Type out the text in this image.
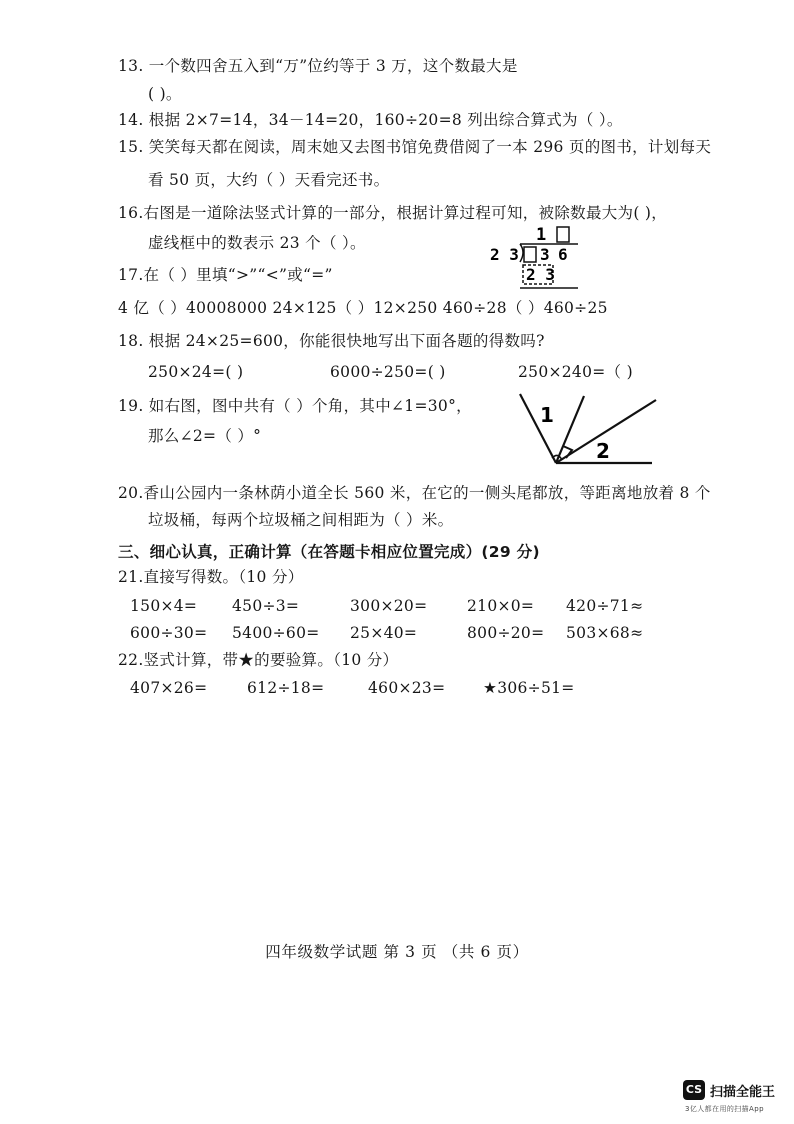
13. 一个数四舍五入到“万”位约等于 3 万，这个数最大是
( )。
14. 根据 2×7=14，34－14=20，160÷20=8 列出综合算式为（ ）。
15. 笑笑每天都在阅读，周末她又去图书馆免费借阅了一本 296 页的图书，计划每天
看 50 页，大约（ ）天看完还书。
16.右图是一道除法竖式计算的一部分，根据计算过程可知，被除数最大为( )，
虚线框中的数表示 23 个（ ）。	1
2 3 3 6
2 3
17.在（ ）里填“>”“<”或“=”
4 亿（ ）40008000 24×125（ ）12×250 460÷28（ ）460÷25
18. 根据 24×25=600，你能很快地写出下面各题的得数吗?
250×24=( )	6000÷250=( )	250×240=（ )
19. 如右图，图中共有（ ）个角，其中∠1=30°，
那么∠2=（ ）°
1
2
20.香山公园内一条林荫小道全长 560 米，在它的一侧头尾都放，等距离地放着 8 个
垃圾桶，每两个垃圾桶之间相距为（ ）米。
三、细心认真，正确计算（在答题卡相应位置完成）(29 分)
21.直接写得数。（10 分）
150×4= 450÷3=	300×20=	210×0= 420÷71≈
600÷30= 5400÷60= 25×40=	800÷20= 503×68≈
22.竖式计算，带★的要验算。（10 分）
407×26=	612÷18=	460×23= ★306÷51=
四年级数学试题 第 3 页 （共 6 页）
CS 扫描全能王
3亿人都在用的扫描App
